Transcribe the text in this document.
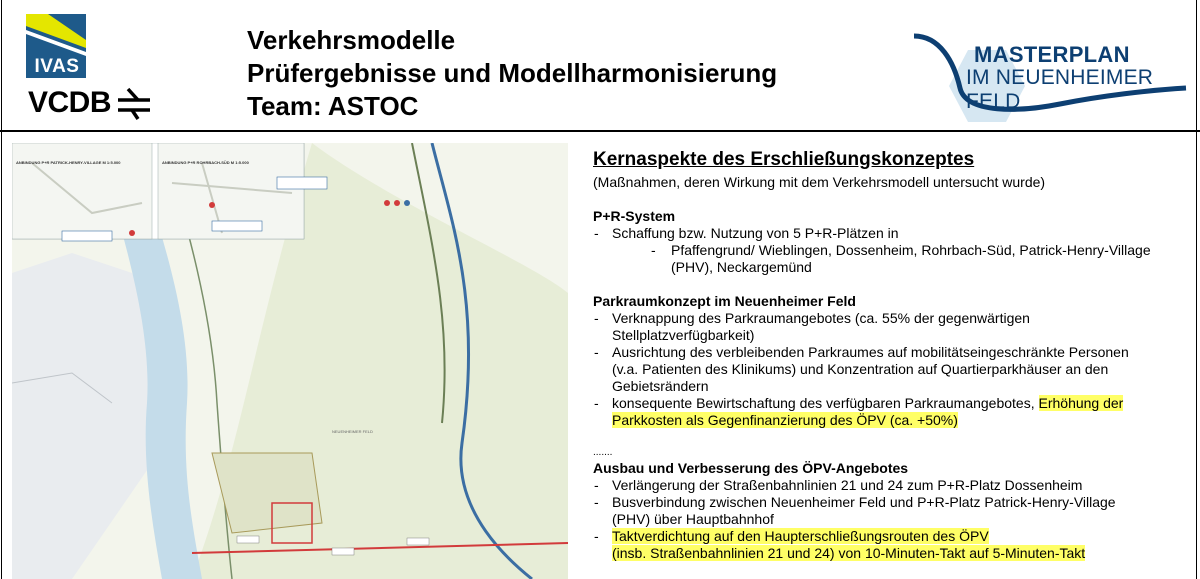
IVAS
VCDB
Verkehrsmodelle
Prüfergebnisse und Modellharmonisierung
Team: ASTOC
MASTERPLAN
IM NEUENHEIMER FELD
ANBINDUNG P+R PATRICK-HENRY-VILLAGE M 1:5.000	ANBINDUNG P+R ROHRBACH-SÜD M 1:5.000
NEUENHEIMER FELD
Kernaspekte des Erschließungskonzeptes
(Maßnahmen, deren Wirkung mit dem Verkehrsmodell untersucht wurde)
P+R-System
- Schaffung bzw. Nutzung von 5 P+R-Plätzen in
- Pfaffengrund/ Wieblingen, Dossenheim, Rohrbach-Süd, Patrick-Henry-Village
(PHV), Neckargemünd
Parkraumkonzept im Neuenheimer Feld
- Verknappung des Parkraumangebotes (ca. 55% der gegenwärtigen
Stellplatzverfügbarkeit)
- Ausrichtung des verbleibenden Parkraumes auf mobilitätseingeschränkte Personen
(v.a. Patienten des Klinikums) und Konzentration auf Quartierparkhäuser an den
Gebietsrändern
- konsequente Bewirtschaftung des verfügbaren Parkraumangebotes, Erhöhung der
Parkkosten als Gegenfinanzierung des ÖPV (ca. +50%)
.......
Ausbau und Verbesserung des ÖPV-Angebotes
- Verlängerung der Straßenbahnlinien 21 und 24 zum P+R-Platz Dossenheim
- Busverbindung zwischen Neuenheimer Feld und P+R-Platz Patrick-Henry-Village
(PHV) über Hauptbahnhof
- Taktverdichtung auf den Haupterschließungsrouten des ÖPV
(insb. Straßenbahnlinien 21 und 24) von 10-Minuten-Takt auf 5-Minuten-Takt
